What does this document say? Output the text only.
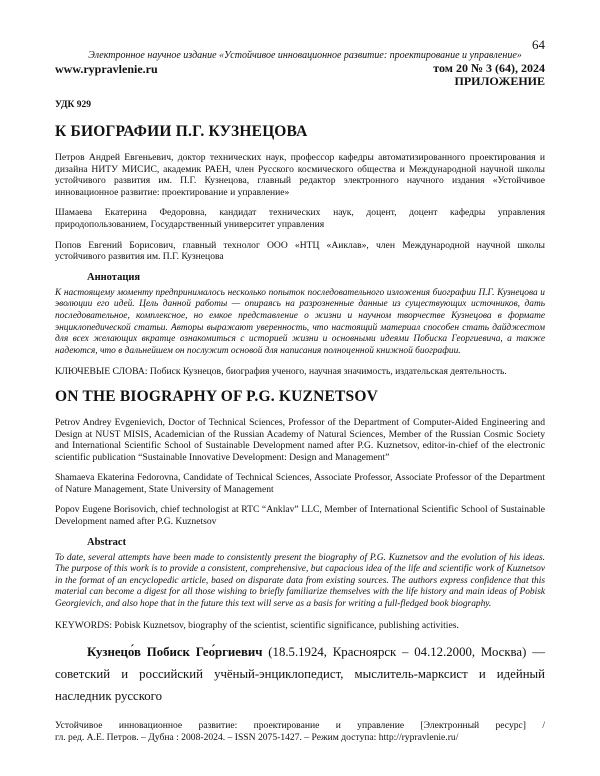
64
Электронное научное издание «Устойчивое инновационное развитие: проектирование и управление»
www.rypravlenie.ru	том 20 № 3 (64), 2024
ПРИЛОЖЕНИЕ

УДК 929

К БИОГРАФИИ П.Г. КУЗНЕЦОВА

Петров Андрей Евгеньевич, доктор технических наук, профессор кафедры автоматизированного проектирования и дизайна НИТУ МИСИС, академик РАЕН, член Русского космического общества и Международной научной школы устойчивого развития им. П.Г. Кузнецова, главный редактор электронного научного издания «Устойчивое инновационное развитие: проектирование и управление»

Шамаева Екатерина Федоровна, кандидат технических наук, доцент, доцент кафедры управления природопользованием, Государственный университет управления

Попов Евгений Борисович, главный технолог ООО «НТЦ «Аиклав», член Международной научной школы устойчивого развития им. П.Г. Кузнецова

Аннотация

К настоящему моменту предпринималось несколько попыток последовательного изложения биографии П.Г. Кузнецова и эволюции его идей. Цель данной работы — опираясь на разрозненные данные из существующих источников, дать последовательное, комплексное, но емкое представление о жизни и научном творчестве Кузнецова в формате энциклопедической статьи. Авторы выражают уверенность, что настоящий материал способен стать дайджестом для всех желающих вкратце ознакомиться с историей жизни и основными идеями Побиска Георгиевича, а также надеются, что в дальнейшем он послужит основой для написания полноценной книжной биографии.

КЛЮЧЕВЫЕ СЛОВА: Побиск Кузнецов, биография ученого, научная значимость, издательская деятельность.

ON THE BIOGRAPHY OF P.G. KUZNETSOV

Petrov Andrey Evgenievich, Doctor of Technical Sciences, Professor of the Department of Computer-Aided Engineering and Design at NUST MISIS, Academician of the Russian Academy of Natural Sciences, Member of the Russian Cosmic Society and International Scientific School of Sustainable Development named after P.G. Kuznetsov, editor-in-chief of the electronic scientific publication “Sustainable Innovative Development: Design and Management”

Shamaeva Ekaterina Fedorovna, Candidate of Technical Sciences, Associate Professor, Associate Professor of the Department of Nature Management, State University of Management

Popov Eugene Borisovich, chief technologist at RTC “Anklav” LLC, Member of International Scientific School of Sustainable Development named after P.G. Kuznetsov

Abstract

To date, several attempts have been made to consistently present the biography of P.G. Kuznetsov and the evolution of his ideas. The purpose of this work is to provide a consistent, comprehensive, but capacious idea of the life and scientific work of Kuznetsov in the format of an encyclopedic article, based on disparate data from existing sources. The authors express confidence that this material can become a digest for all those wishing to briefly familiarize themselves with the life history and main ideas of Pobisk Georgievich, and also hope that in the future this text will serve as a basis for writing a full-fledged book biography.

KEYWORDS: Pobisk Kuznetsov, biography of the scientist, scientific significance, publishing activities.

Кузнецо́в Побиск Гео́ргиевич (18.5.1924, Красноярск – 04.12.2000, Москва) — советский и российский учёный-энциклопедист, мыслитель-марксист и идейный наследник русского

Устойчивое инновационное развитие: проектирование и управление [Электронный ресурс] /
гл. ред. А.Е. Петров. – Дубна : 2008-2024. – ISSN 2075-1427. – Режим доступа: http://rypravlenie.ru/
